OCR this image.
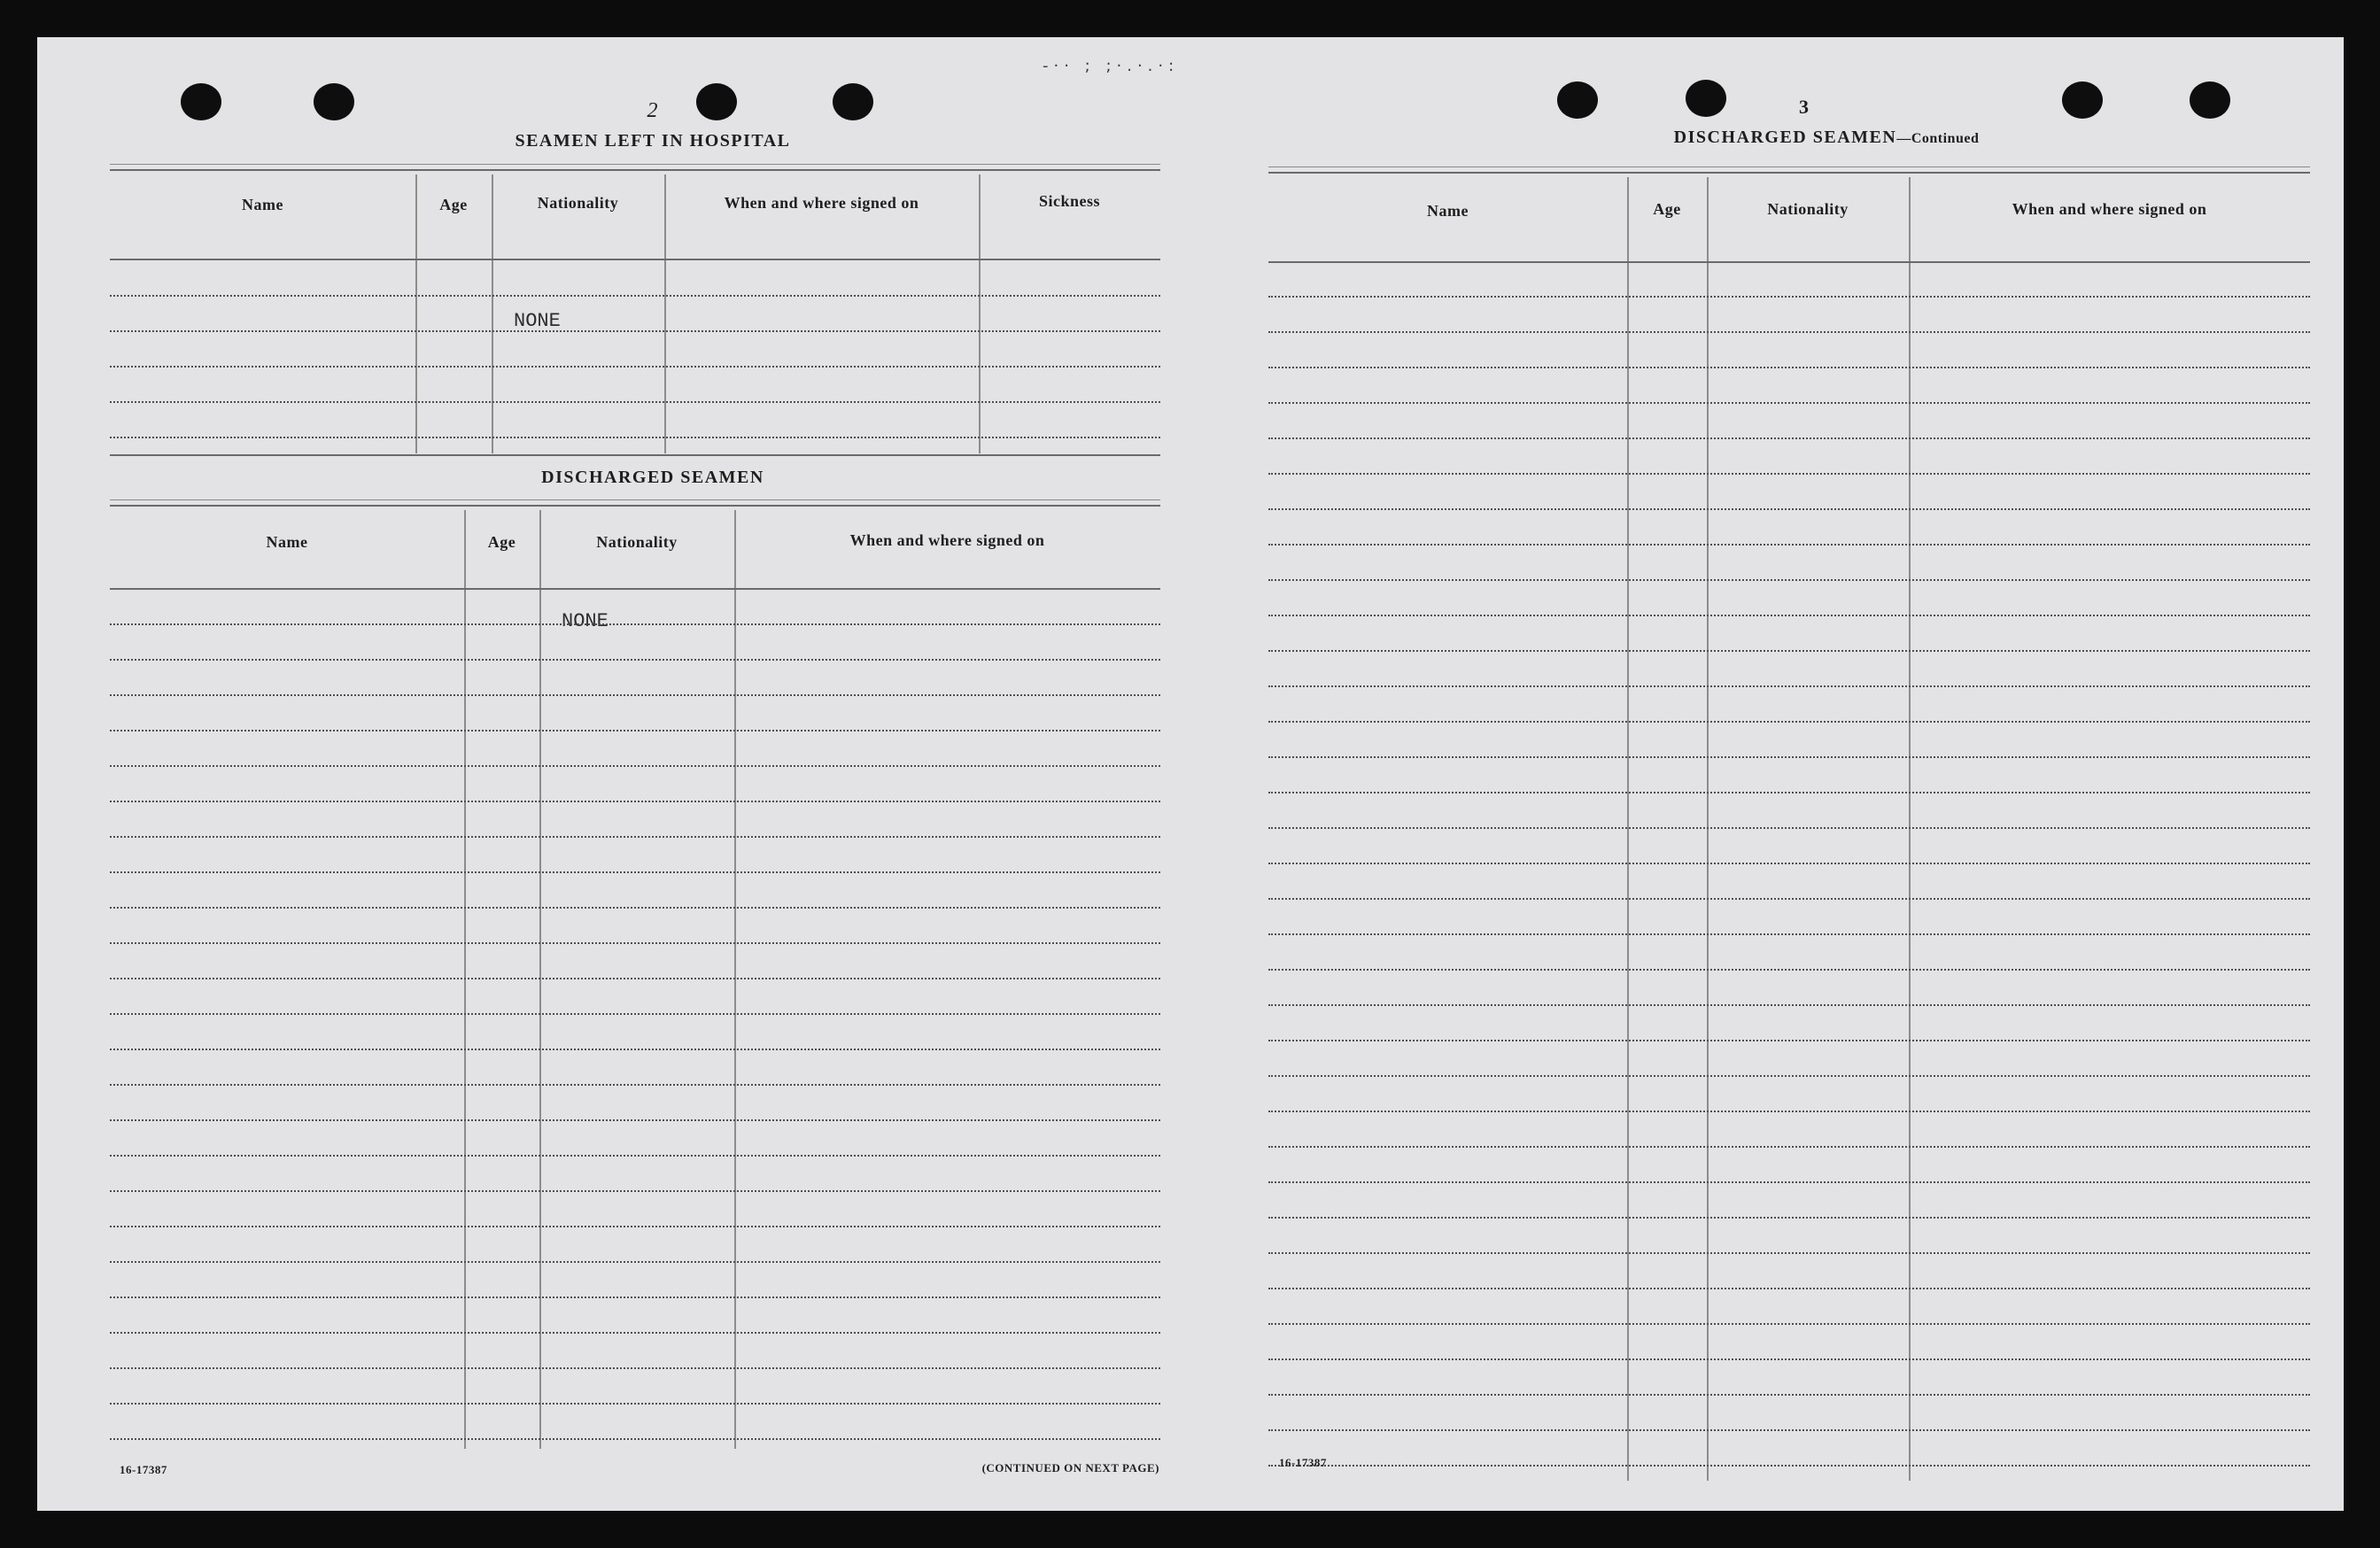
-·· ; ;·.·.·:
2
SEAMEN LEFT IN HOSPITAL
Name	Age	Nationality	When and where signed on	Sickness
NONE
DISCHARGED SEAMEN
Name	Age	Nationality	When and where signed on
NONE
16-17387	(CONTINUED ON NEXT PAGE)
3
DISCHARGED SEAMEN—Continued
Name	Age	Nationality	When and where signed on
16-17387
